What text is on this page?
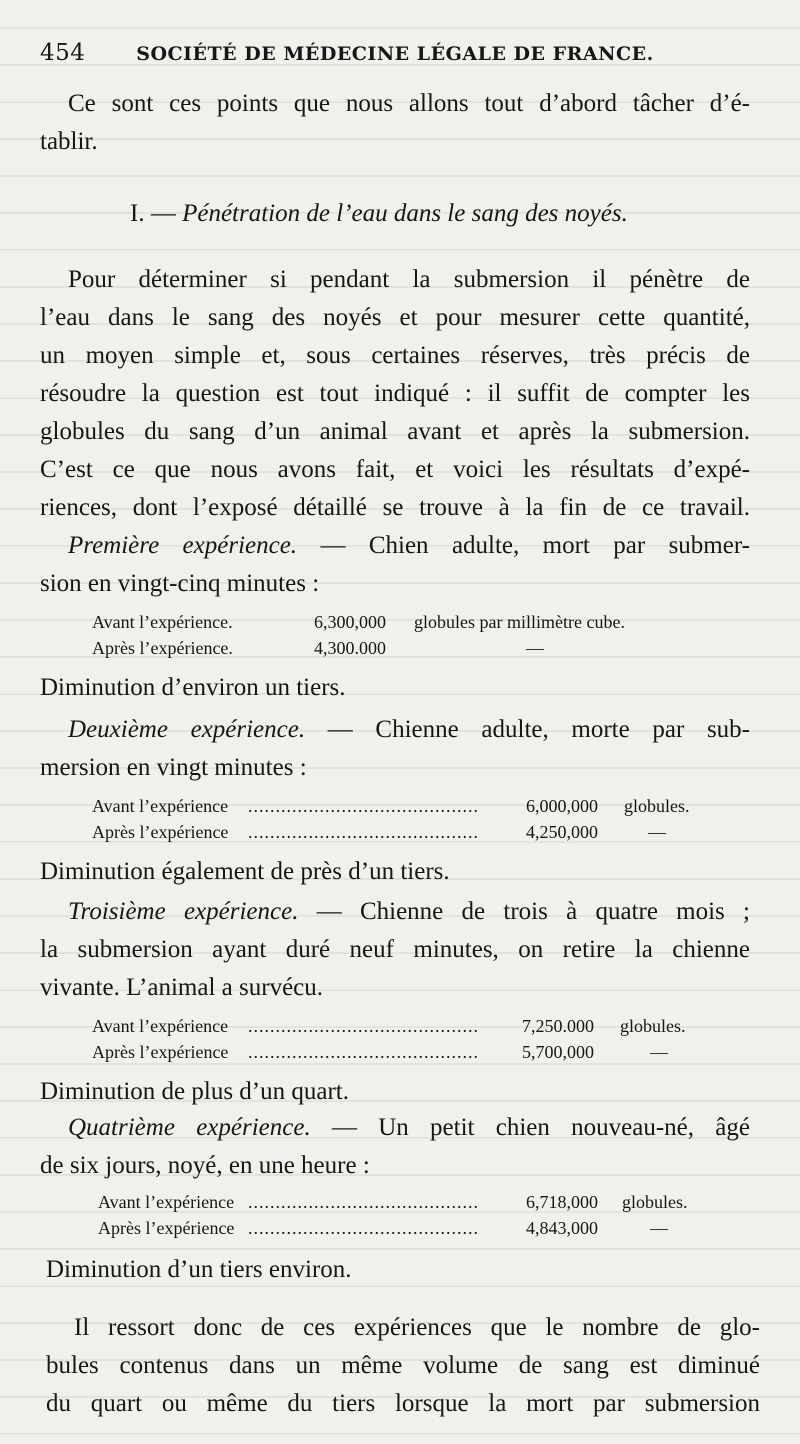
454	SOCIÉTÉ DE MÉDECINE LÉGALE DE FRANCE.
Ce sont ces points que nous allons tout d’abord tâcher d’é-
tablir.
I. — Pénétration de l’eau dans le sang des noyés.
Pour déterminer si pendant la submersion il pénètre de
l’eau dans le sang des noyés et pour mesurer cette quantité,
un moyen simple et, sous certaines réserves, très précis de
résoudre la question est tout indiqué : il suffit de compter les
globules du sang d’un animal avant et après la submersion.
C’est ce que nous avons fait, et voici les résultats d’expé-
riences, dont l’exposé détaillé se trouve à la fin de ce travail.
Première expérience. — Chien adulte, mort par submer-
sion en vingt-cinq minutes :
Avant l’expérience.	6,300,000 globules par millimètre cube.
Après l’expérience.	4,300.000	—
Diminution d’environ un tiers.
Deuxième expérience. — Chienne adulte, morte par sub-
mersion en vingt minutes :
Avant l’expérience ..........................................	6,000,000 globules.
Après l’expérience ..........................................	4,250,000	—
Diminution également de près d’un tiers.
Troisième expérience. — Chienne de trois à quatre mois ;
la submersion ayant duré neuf minutes, on retire la chienne
vivante. L’animal a survécu.
Avant l’expérience ..........................................	7,250.000 globules.
Après l’expérience ..........................................	5,700,000	—
Diminution de plus d’un quart.
Quatrième expérience. — Un petit chien nouveau-né, âgé
de six jours, noyé, en une heure :
Avant l’expérience ..........................................	6,718,000 globules.
Après l’expérience ..........................................	4,843,000	—
Diminution d’un tiers environ.
Il ressort donc de ces expériences que le nombre de glo-
bules contenus dans un même volume de sang est diminué
du quart ou même du tiers lorsque la mort par submersion
